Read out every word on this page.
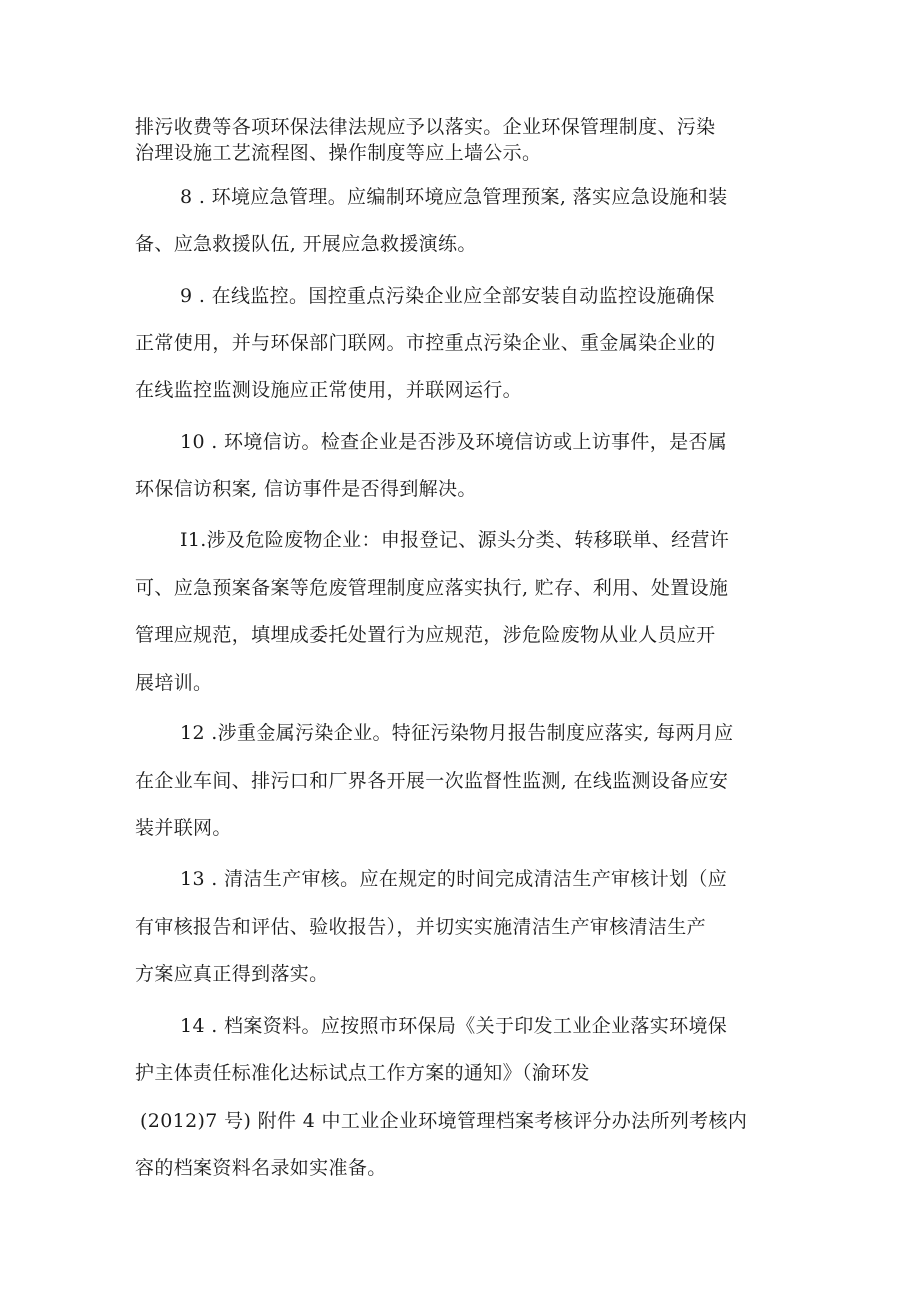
排污收费等各项环保法律法规应予以落实。企业环保管理制度、污染
治理设施工艺流程图、操作制度等应上墙公示。
8 . 环境应急管理。应编制环境应急管理预案, 落实应急设施和装
备、应急救援队伍, 开展应急救援演练。
9 . 在线监控。国控重点污染企业应全部安装自动监控设施确保
正常使用，并与环保部门联网。市控重点污染企业、重金属染企业的
在线监控监测设施应正常使用，并联网运行。
10 . 环境信访。检查企业是否涉及环境信访或上访事件，是否属
环保信访积案, 信访事件是否得到解决。
I1.涉及危险废物企业：申报登记、源头分类、转移联単、经营许
可、应急预案备案等危废管理制度应落实执行, 贮存、利用、处置设施
管理应规范，填埋成委托处置行为应规范，涉危险废物从业人员应开
展培训。
12 .涉重金属污染企业。特征污染物月报告制度应落实, 每两月应
在企业车间、排污口和厂界各开展一次监督性监测, 在线监测设备应安
装并联网。
13 . 清洁生产审核。应在规定的时间完成清洁生产审核计划（应
有审核报告和评估、验收报告），并切实实施清洁生产审核清洁生产
方案应真正得到落实。
14 . 档案资料。应按照市环保局《关于印发工业企业落实环境保
护主体责任标准化达标试点工作方案的通知》（渝环发
(2012)7 号) 附件 4 中工业企业环境管理档案考核评分办法所列考核内
容的档案资料名录如实准备。
